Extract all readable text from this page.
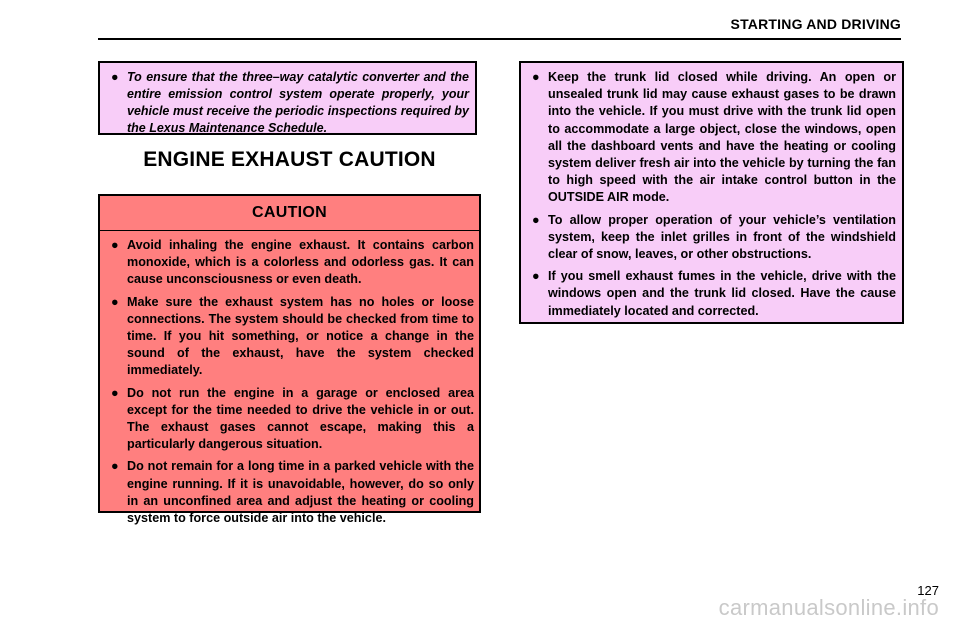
STARTING AND DRIVING
● To ensure that the three–way catalytic converter and the entire emission control system operate properly, your vehicle must receive the periodic inspections required by the Lexus Maintenance Schedule.
ENGINE EXHAUST CAUTION
CAUTION
● Avoid inhaling the engine exhaust. It contains carbon monoxide, which is a colorless and odorless gas. It can cause unconsciousness or even death.
● Make sure the exhaust system has no holes or loose connections. The system should be checked from time to time. If you hit something, or notice a change in the sound of the exhaust, have the system checked immediately.
● Do not run the engine in a garage or enclosed area except for the time needed to drive the vehicle in or out. The exhaust gases cannot escape, making this a particularly dangerous situation.
● Do not remain for a long time in a parked vehicle with the engine running. If it is unavoidable, however, do so only in an unconfined area and adjust the heating or cooling system to force outside air into the vehicle.
● Keep the trunk lid closed while driving. An open or unsealed trunk lid may cause exhaust gases to be drawn into the vehicle. If you must drive with the trunk lid open to accommodate a large object, close the windows, open all the dashboard vents and have the heating or cooling system deliver fresh air into the vehicle by turning the fan to high speed with the air intake control button in the OUTSIDE AIR mode.
● To allow proper operation of your vehicle’s ventilation system, keep the inlet grilles in front of the windshield clear of snow, leaves, or other obstructions.
● If you smell exhaust fumes in the vehicle, drive with the windows open and the trunk lid closed. Have the cause immediately located and corrected.
127
carmanualsonline.info
